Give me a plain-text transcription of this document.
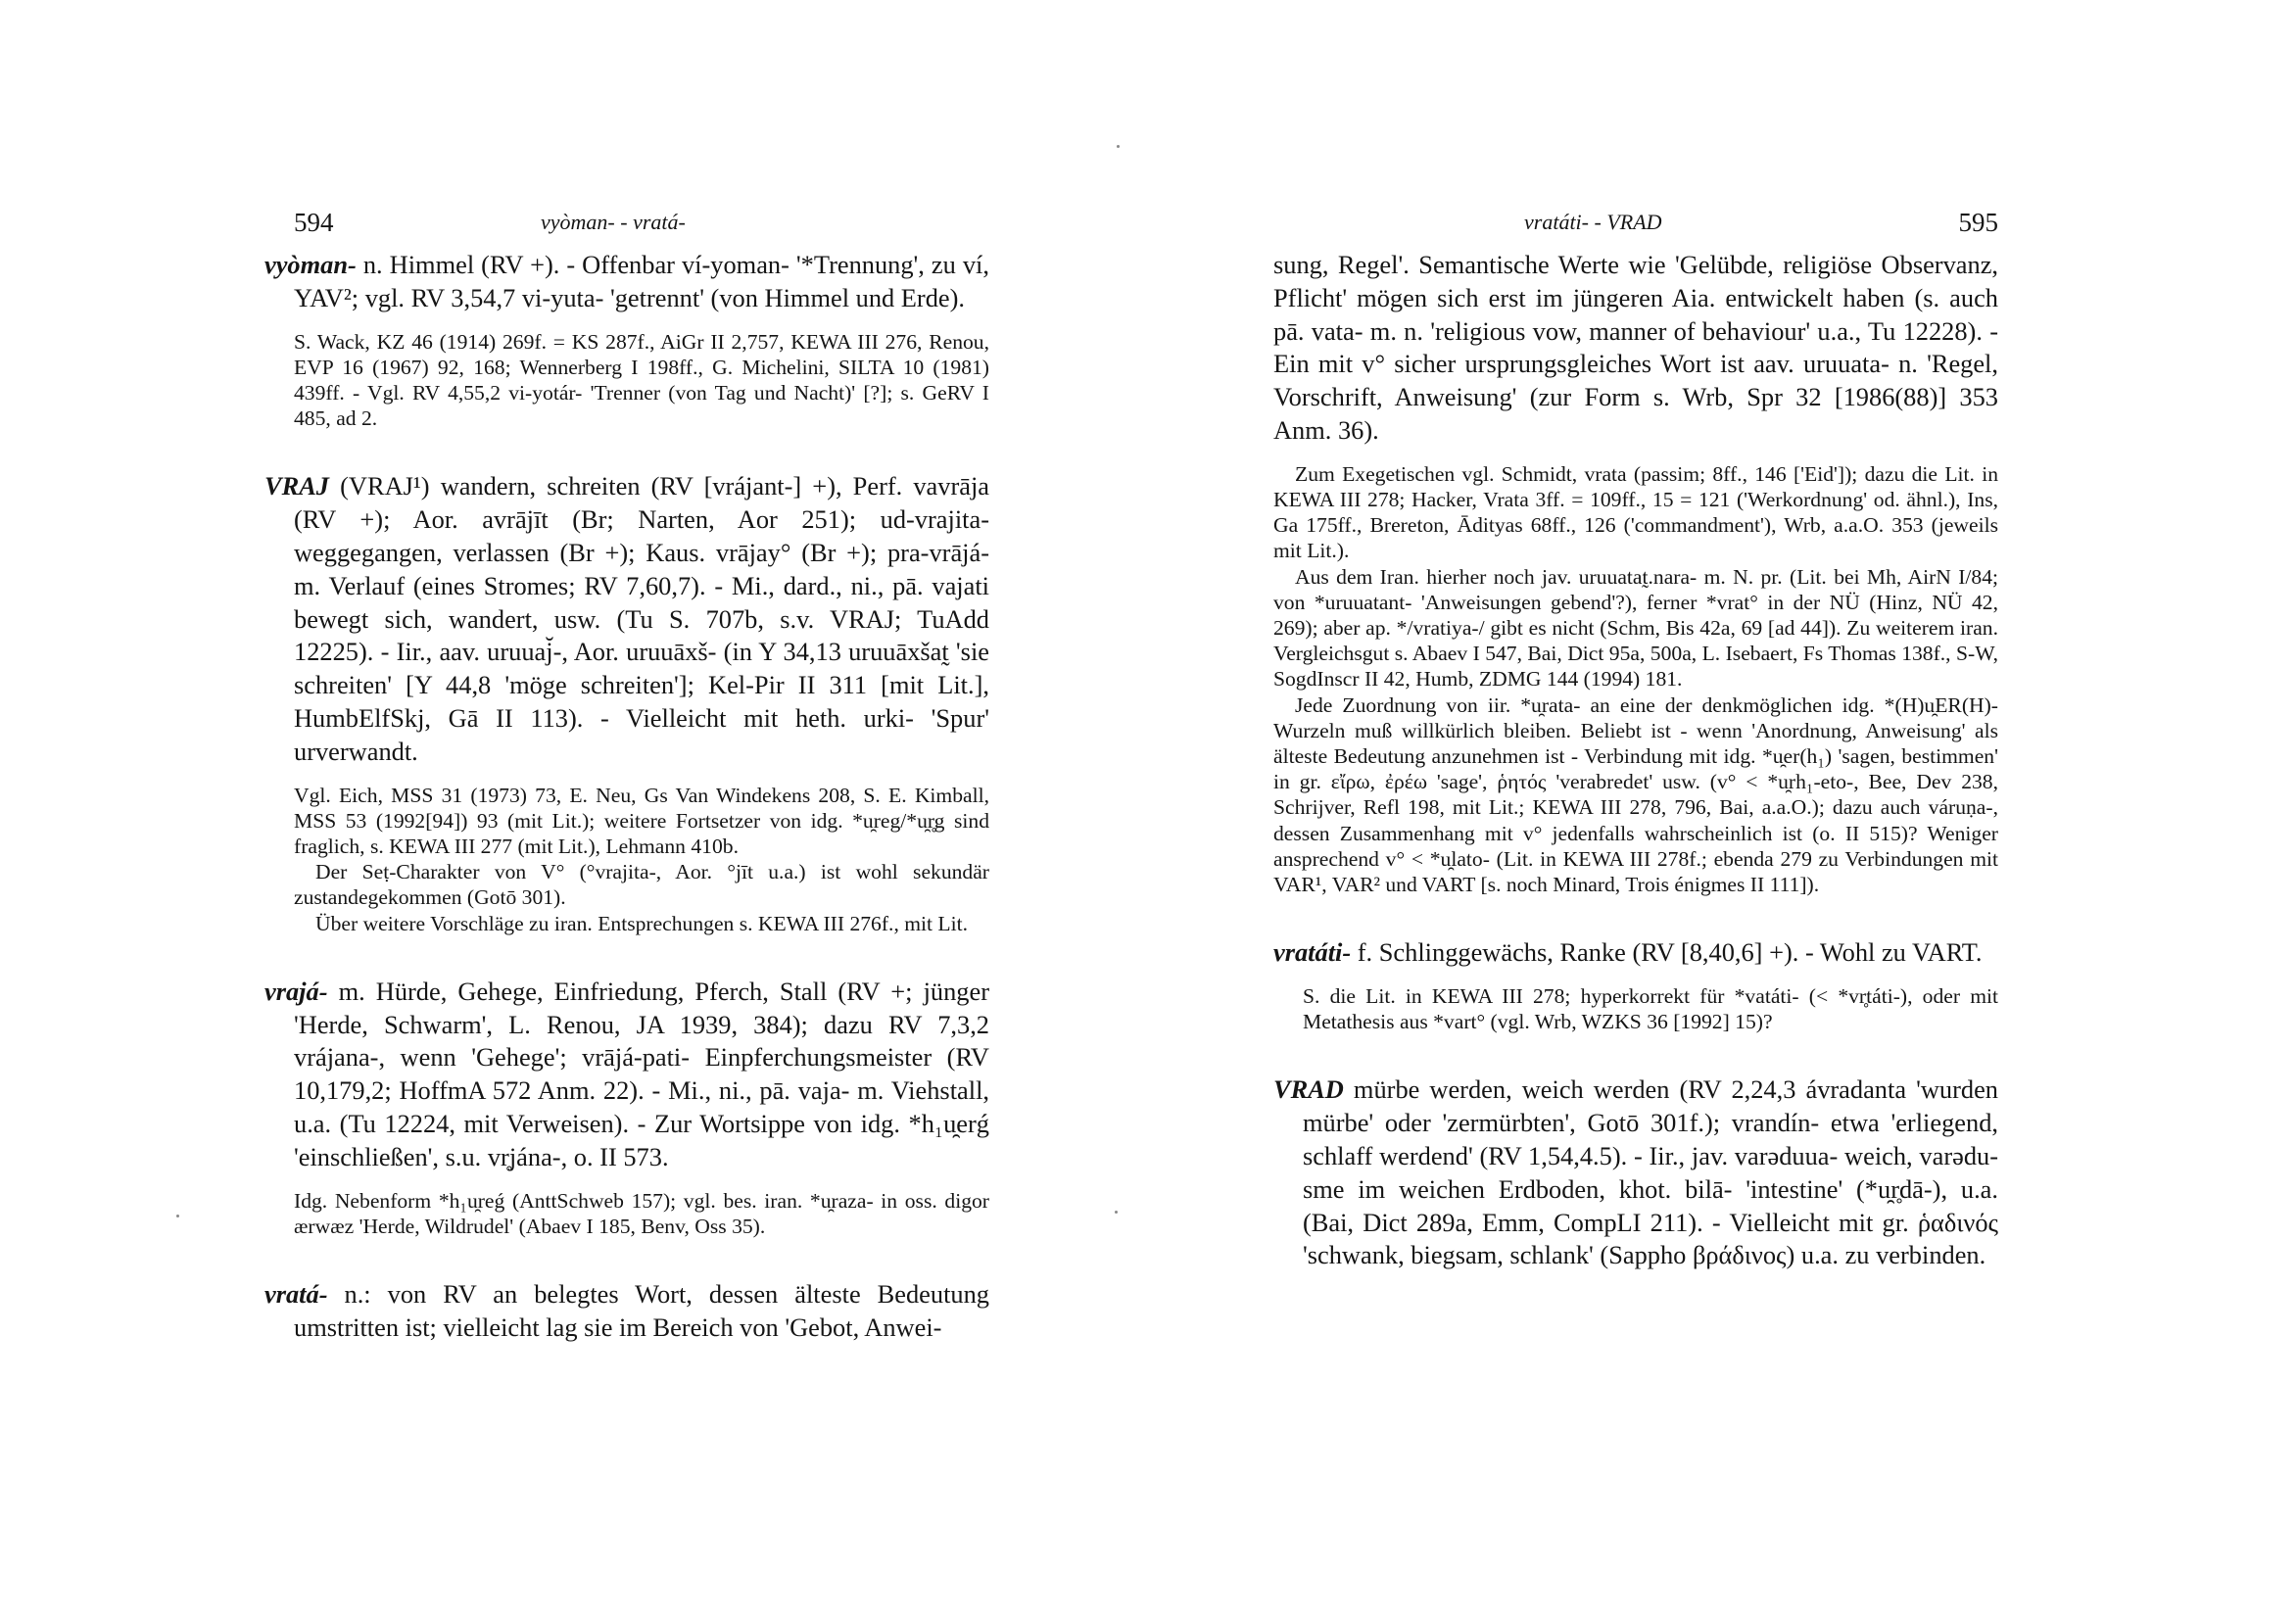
594	vyòman- - vratá-

vyòman- n. Himmel (RV +). - Offenbar ví-yoman- '*Trennung', zu ví, YAV²; vgl. RV 3,54,7 vi-yuta- 'getrennt' (von Himmel und Erde).

S. Wack, KZ 46 (1914) 269f. = KS 287f., AiGr II 2,757, KEWA III 276, Renou, EVP 16 (1967) 92, 168; Wennerberg I 198ff., G. Michelini, SILTA 10 (1981) 439ff. - Vgl. RV 4,55,2 vi-yotár- 'Trenner (von Tag und Nacht)' [?]; s. GeRV I 485, ad 2.

VRAJ (VRAJ¹) wandern, schreiten (RV [vrájant-] +), Perf. vavrāja (RV +); Aor. avrājīt (Br; Narten, Aor 251); ud-vrajita- weggegangen, verlassen (Br +); Kaus. vrājay° (Br +); pra-vrājá- m. Verlauf (eines Stromes; RV 7,60,7). - Mi., dard., ni., pā. vajati bewegt sich, wandert, usw. (Tu S. 707b, s.v. VRAJ; TuAdd 12225). - Iir., aav. uruuaj̆-, Aor. uruuāxš- (in Y 34,13 uruuāxšat̰ 'sie schreiten' [Y 44,8 'möge schreiten']; Kel-Pir II 311 [mit Lit.], HumbElfSkj, Gā II 113). - Vielleicht mit heth. urki- 'Spur' urverwandt.

Vgl. Eich, MSS 31 (1973) 73, E. Neu, Gs Van Windekens 208, S. E. Kimball, MSS 53 (1992[94]) 93 (mit Lit.); weitere Fortsetzer von idg. *u̯reg/*u̯r̥g sind fraglich, s. KEWA III 277 (mit Lit.), Lehmann 410b.

Der Seṭ-Charakter von V° (°vrajita-, Aor. °jīt u.a.) ist wohl sekundär zustandegekommen (Gotō 301).

Über weitere Vorschläge zu iran. Entsprechungen s. KEWA III 276f., mit Lit.

vrajá- m. Hürde, Gehege, Einfriedung, Pferch, Stall (RV +; jünger 'Herde, Schwarm', L. Renou, JA 1939, 384); dazu RV 7,3,2 vrájana-, wenn 'Gehege'; vrājá-pati- Einpferchungsmeister (RV 10,179,2; HoffmA 572 Anm. 22). - Mi., ni., pā. vaja- m. Viehstall, u.a. (Tu 12224, mit Verweisen). - Zur Wortsippe von idg. *h₁u̯erǵ 'einschließen', s.u. vr̥jána-, o. II 573.

Idg. Nebenform *h₁u̯reǵ (AnttSchweb 157); vgl. bes. iran. *u̯raza- in oss. digor ærwæz 'Herde, Wildrudel' (Abaev I 185, Benv, Oss 35).

vratá- n.: von RV an belegtes Wort, dessen älteste Bedeutung umstritten ist; vielleicht lag sie im Bereich von 'Gebot, Anwei-

vratáti- - VRAD	595

sung, Regel'. Semantische Werte wie 'Gelübde, religiöse Observanz, Pflicht' mögen sich erst im jüngeren Aia. entwickelt haben (s. auch pā. vata- m. n. 'religious vow, manner of behaviour' u.a., Tu 12228). - Ein mit v° sicher ursprungsgleiches Wort ist aav. uruuata- n. 'Regel, Vorschrift, Anweisung' (zur Form s. Wrb, Spr 32 [1986(88)] 353 Anm. 36).

Zum Exegetischen vgl. Schmidt, vrata (passim; 8ff., 146 ['Eid']); dazu die Lit. in KEWA III 278; Hacker, Vrata 3ff. = 109ff., 15 = 121 ('Werkordnung' od. ähnl.), Ins, Ga 175ff., Brereton, Ādityas 68ff., 126 ('commandment'), Wrb, a.a.O. 353 (jeweils mit Lit.).

Aus dem Iran. hierher noch jav. uruuatat̰.nara- m. N. pr. (Lit. bei Mh, AirN I/84; von *uruuatant- 'Anweisungen gebend'?), ferner *vrat° in der NÜ (Hinz, NÜ 42, 269); aber ap. */vratiya-/ gibt es nicht (Schm, Bis 42a, 69 [ad 44]). Zu weiterem iran. Vergleichsgut s. Abaev I 547, Bai, Dict 95a, 500a, L. Isebaert, Fs Thomas 138f., S-W, SogdInscr II 42, Humb, ZDMG 144 (1994) 181.

Jede Zuordnung von iir. *u̯rata- an eine der denkmöglichen idg. *(H)u̯ER(H)-Wurzeln muß willkürlich bleiben. Beliebt ist - wenn 'Anordnung, Anweisung' als älteste Bedeutung anzunehmen ist - Verbindung mit idg. *u̯er(h₁) 'sagen, bestimmen' in gr. εἴρω, ἐρέω 'sage', ῥητός 'verabredet' usw. (v° < *u̯rh₁-eto-, Bee, Dev 238, Schrijver, Refl 198, mit Lit.; KEWA III 278, 796, Bai, a.a.O.); dazu auch váruṇa-, dessen Zusammenhang mit v° jedenfalls wahrscheinlich ist (o. II 515)? Weniger ansprechend v° < *u̯lato- (Lit. in KEWA III 278f.; ebenda 279 zu Verbindungen mit VAR¹, VAR² und VART [s. noch Minard, Trois énigmes II 111]).

vratáti- f. Schlinggewächs, Ranke (RV [8,40,6] +). - Wohl zu VART.

S. die Lit. in KEWA III 278; hyperkorrekt für *vatáti- (< *vr̥táti-), oder mit Metathesis aus *vart° (vgl. Wrb, WZKS 36 [1992] 15)?

VRAD mürbe werden, weich werden (RV 2,24,3 ávradanta 'wurden mürbe' oder 'zermürbten', Gotō 301f.); vrandín- etwa 'erliegend, schlaff werdend' (RV 1,54,4.5). - Iir., jav. varəduua- weich, varədu-sme im weichen Erdboden, khot. bilā- 'intestine' (*u̯r̥dā-), u.a. (Bai, Dict 289a, Emm, CompLI 211). - Vielleicht mit gr. ῥαδινός 'schwank, biegsam, schlank' (Sappho βράδινος) u.a. zu verbinden.
